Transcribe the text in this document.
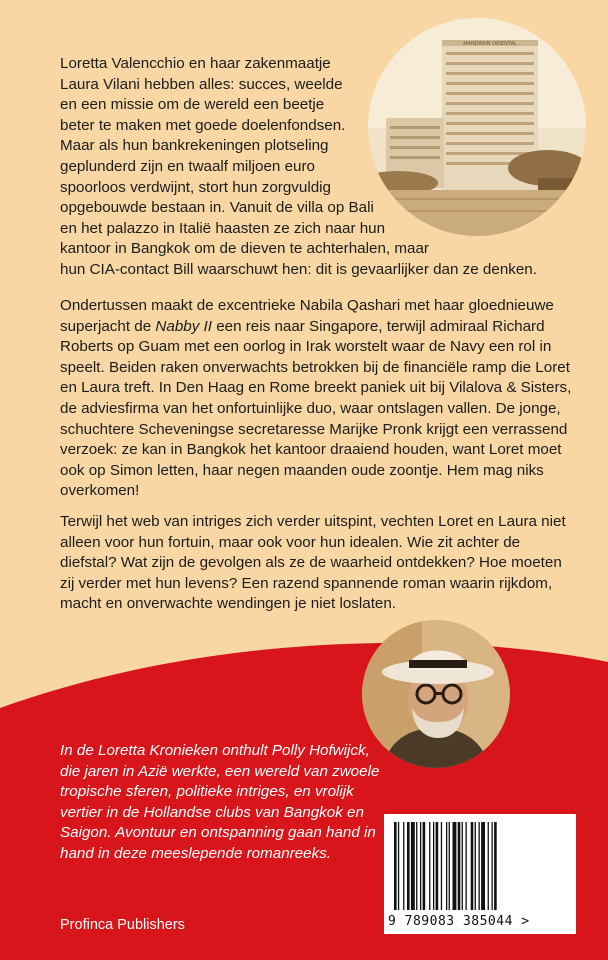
Loretta Valencchio en haar zakenmaatje
Laura Vilani hebben alles: succes, weelde
en een missie om de wereld een beetje
beter te maken met goede doelenfondsen.
Maar als hun bankrekeningen plotseling
geplunderd zijn en twaalf miljoen euro
spoorloos verdwijnt, stort hun zorgvuldig
opgebouwde bestaan in. Vanuit de villa op Bali
en het palazzo in Italië haasten ze zich naar hun
kantoor in Bangkok om de dieven te achterhalen, maar
hun CIA-contact Bill waarschuwt hen: dit is gevaarlijker dan ze denken.

Ondertussen maakt de excentrieke Nabila Qashari met haar gloednieuwe superjacht de Nabby II een reis naar Singapore, terwijl admiraal Richard Roberts op Guam met een oorlog in Irak worstelt waar de Navy een rol in speelt. Beiden raken onverwachts betrokken bij de financiële ramp die Loret en Laura treft. In Den Haag en Rome breekt paniek uit bij Vilalova & Sisters, de adviesfirma van het onfortuinlijke duo, waar ontslagen vallen. De jonge, schuchtere Scheveningse secretaresse Marijke Pronk krijgt een verrassend verzoek: ze kan in Bangkok het kantoor draaiend houden, want Loret moet ook op Simon letten, haar negen maanden oude zoontje. Hem mag niks overkomen!

Terwijl het web van intriges zich verder uitspint, vechten Loret en Laura niet alleen voor hun fortuin, maar ook voor hun idealen. Wie zit achter de diefstal? Wat zijn de gevolgen als ze de waarheid ontdekken? Hoe moeten zij verder met hun levens? Een razend spannende roman waarin rijkdom, macht en onverwachte wendingen je niet loslaten.

MANDARIN ORIENTAL

In de Loretta Kronieken onthult Polly Hofwijck, die jaren in Azië werkte, een wereld van zwoele tropische sferen, politieke intriges, en vrolijk vertier in de Hollandse clubs van Bangkok en Saigon. Avontuur en ontspanning gaan hand in hand in deze meeslepende romanreeks.

Profinca Publishers	9 789083 385044 >
